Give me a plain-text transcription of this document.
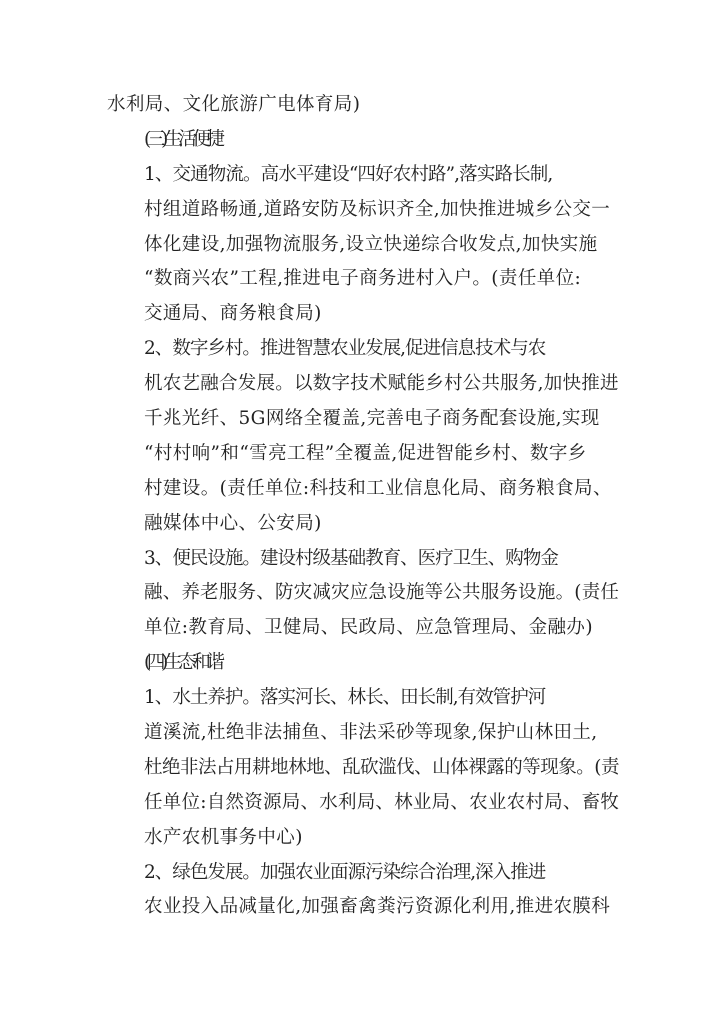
水利局、文化旅游广电体育局)
(三)生活便捷
1、交通物流。高水平建设“四好农村路”,落实路长制,
村组道路畅通,道路安防及标识齐全,加快推进城乡公交一
体化建设,加强物流服务,设立快递综合收发点,加快实施
“数商兴农”工程,推进电子商务进村入户。(责任单位:
交通局、商务粮食局)
2、数字乡村。推进智慧农业发展,促进信息技术与农
机农艺融合发展。以数字技术赋能乡村公共服务,加快推进
千兆光纤、5G网络全覆盖,完善电子商务配套设施,实现
“村村响”和“雪亮工程”全覆盖,促进智能乡村、数字乡
村建设。(责任单位:科技和工业信息化局、商务粮食局、
融媒体中心、公安局)
3、便民设施。建设村级基础教育、医疗卫生、购物金
融、养老服务、防灾减灾应急设施等公共服务设施。(责任
单位:教育局、卫健局、民政局、应急管理局、金融办)
(四)生态和谐
1、水土养护。落实河长、林长、田长制,有效管护河
道溪流,杜绝非法捕鱼、非法采砂等现象,保护山林田土,
杜绝非法占用耕地林地、乱砍滥伐、山体裸露的等现象。(责
任单位:自然资源局、水利局、林业局、农业农村局、畜牧
水产农机事务中心)
2、绿色发展。加强农业面源污染综合治理,深入推进
农业投入品减量化,加强畜禽粪污资源化利用,推进农膜科
